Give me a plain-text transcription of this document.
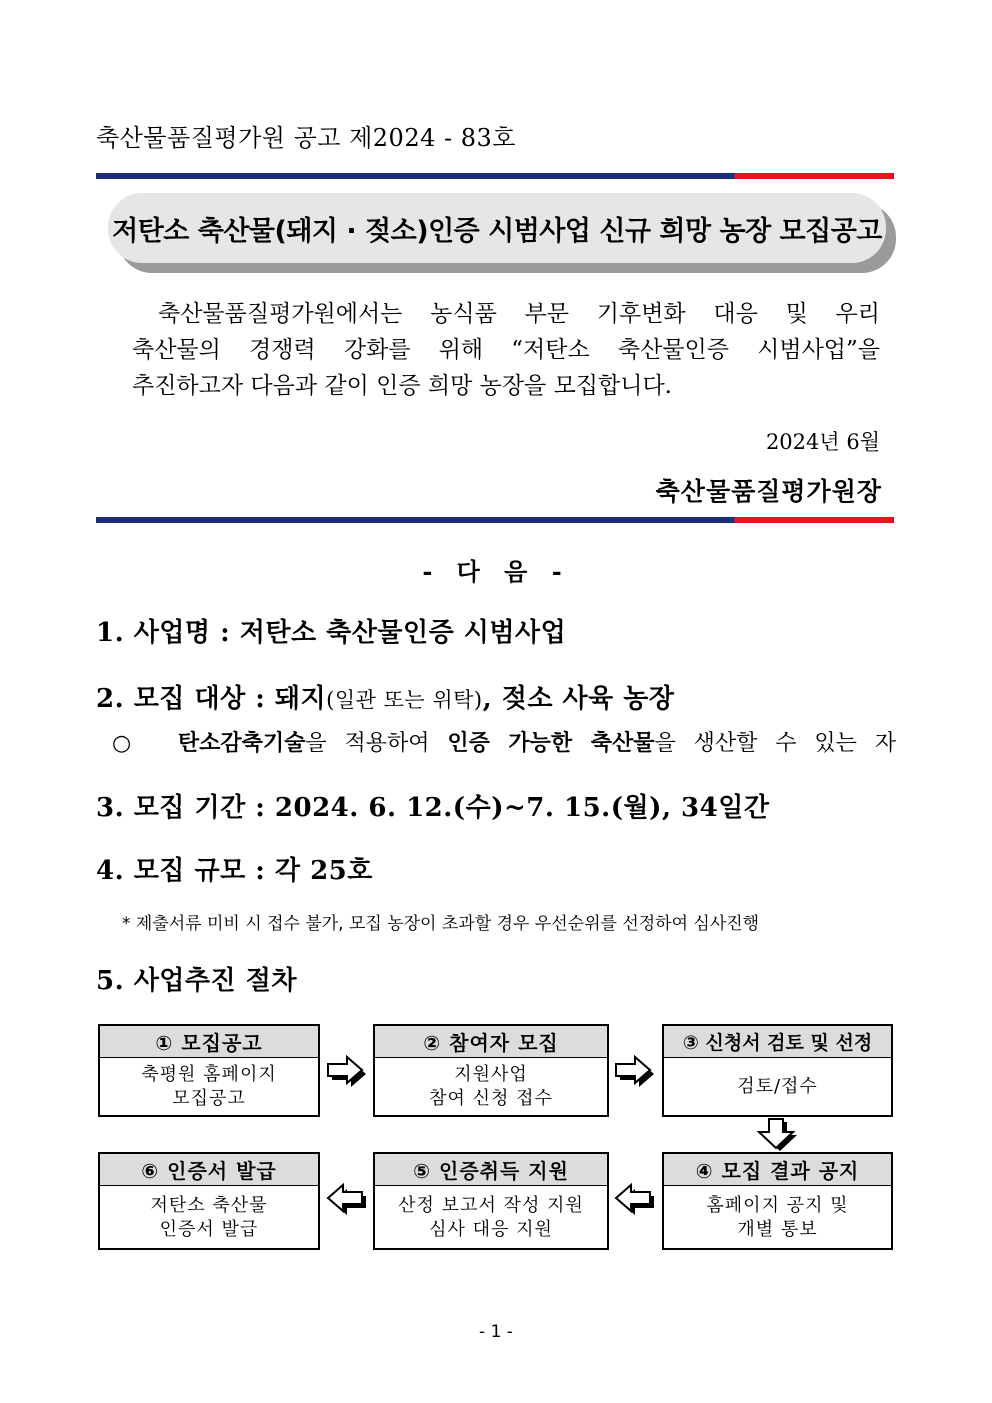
축산물품질평가원 공고 제2024 - 83호
저탄소 축산물(돼지 · 젖소)인증 시범사업 신규 희망 농장 모집공고

축산물품질평가원에서는 농식품 부문 기후변화 대응 및 우리

축산물의 경쟁력 강화를 위해 “저탄소 축산물인증 시범사업”을

추진하고자 다음과 같이 인증 희망 농장을 모집합니다.

2024년 6월
축산물품질평가원장
- 다 음 -
1. 사업명 : 저탄소 축산물인증 시범사업
2. 모집 대상 : 돼지(일관 또는 위탁), 젖소 사육 농장
○ 탄소감축기술을 적용하여 인증 가능한 축산물을 생산할 수 있는 자
3. 모집 기간 : 2024. 6. 12.(수)~7. 15.(월), 34일간
4. 모집 규모 : 각 25호
* 제출서류 미비 시 접수 불가, 모집 농장이 초과할 경우 우선순위를 선정하여 심사진행
5. 사업추진 절차
① 모집공고
축평원 홈페이지
모집공고
② 참여자 모집
지원사업
참여 신청 접수
③ 신청서 검토 및 선정
검토/접수
④ 모집 결과 공지
홈페이지 공지 및
개별 통보
⑤ 인증취득 지원
산정 보고서 작성 지원
심사 대응 지원
⑥ 인증서 발급
저탄소 축산물
인증서 발급
- 1 -
